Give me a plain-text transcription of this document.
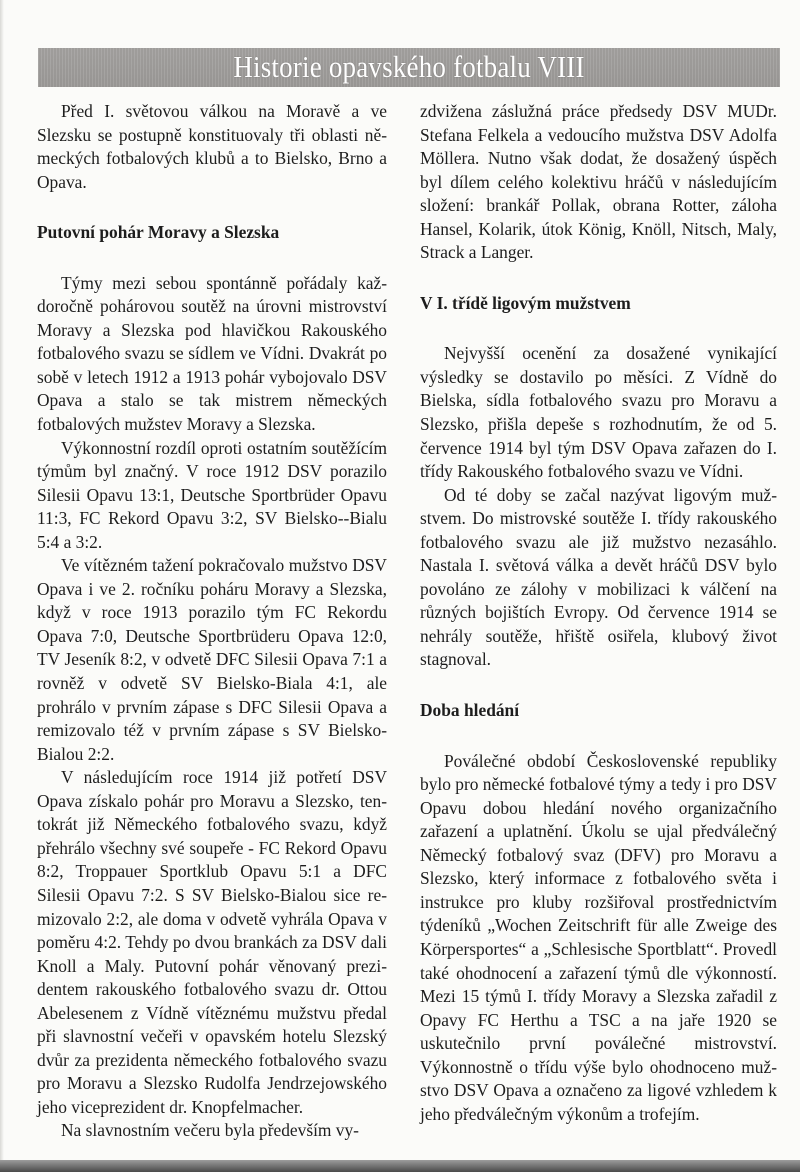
Historie opavského fotbalu VIII

Před I. světovou válkou na Moravě a ve Slezsku se postupně konstituovaly tři oblasti německých fotbalových klubů a to Bielsko, Brno a Opava.

Putovní pohár Moravy a Slezska

Týmy mezi sebou spontánně pořádaly každoročně pohárovou soutěž na úrovni mistrovství Moravy a Slezska pod hlavičkou Rakouského fotbalového svazu se sídlem ve Vídni. Dvakrát po sobě v letech 1912 a 1913 pohár vybojovalo DSV Opava a stalo se tak mistrem německých fotbalových mužstev Moravy a Slezska.

Výkonnostní rozdíl oproti ostatním soutěžícím týmům byl značný. V roce 1912 DSV porazilo Silesii Opavu 13:1, Deutsche Sportbrüder Opavu 11:3, FC Rekord Opavu 3:2, SV Bielsko-‑Bialu 5:4 a 3:2.

Ve vítězném tažení pokračovalo mužstvo DSV Opava i ve 2. ročníku poháru Moravy a Slezska, když v roce 1913 porazilo tým FC Rekordu Opava 7:0, Deutsche Sportbrüderu Opava 12:0, TV Jeseník 8:2, v odvetě DFC Silesii Opava 7:1 a rovněž v odvetě SV Bielsko-Biala 4:1, ale prohrálo v prvním zápase s DFC Silesii Opava a remizovalo též v prvním zápase s SV Bielsko-Bialou 2:2.

V následujícím roce 1914 již potřetí DSV Opava získalo pohár pro Moravu a Slezsko, tentokrát již Německého fotbalového svazu, když přehrálo všechny své soupeře - FC Rekord Opavu 8:2, Troppauer Sportklub Opavu 5:1 a DFC Silesii Opavu 7:2. S SV Bielsko-Bialou sice remizovalo 2:2, ale doma v odvetě vyhrála Opava v poměru 4:2. Tehdy po dvou brankách za DSV dali Knoll a Maly. Putovní pohár věnovaný prezidentem rakouského fotbalového svazu dr. Ottou Abelesenem z Vídně vítěznému mužstvu předal při slavnostní večeři v opavském hotelu Slezský dvůr za prezidenta německého fotbalového svazu pro Moravu a Slezsko Rudolfa Jendrzejowského jeho viceprezident dr. Knopfelmacher.

Na slavnostním večeru byla především vy-

zdvižena záslužná práce předsedy DSV MUDr. Stefana Felkela a vedoucího mužstva DSV Adolfa Möllera. Nutno však dodat, že dosažený úspěch byl dílem celého kolektivu hráčů v následujícím složení: brankář Pollak, obrana Rotter, záloha Hansel, Kolarik, útok König, Knöll, Nitsch, Maly, Strack a Langer.

V I. třídě ligovým mužstvem

Nejvyšší ocenění za dosažené vynikající výsledky se dostavilo po měsíci. Z Vídně do Bielska, sídla fotbalového svazu pro Moravu a Slezsko, přišla depeše s rozhodnutím, že od 5. července 1914 byl tým DSV Opava zařazen do I. třídy Rakouského fotbalového svazu ve Vídni.

Od té doby se začal nazývat ligovým mužstvem. Do mistrovské soutěže I. třídy rakouského fotbalového svazu ale již mužstvo nezasáhlo. Nastala I. světová válka a devět hráčů DSV bylo povoláno ze zálohy v mobilizaci k válčení na různých bojištích Evropy. Od července 1914 se nehrály soutěže, hřiště osiřela, klubový život stagnoval.

Doba hledání

Poválečné období Československé republiky bylo pro německé fotbalové týmy a tedy i pro DSV Opavu dobou hledání nového organizačního zařazení a uplatnění. Úkolu se ujal předválečný Německý fotbalový svaz (DFV) pro Moravu a Slezsko, který informace z fotbalového světa i instrukce pro kluby rozšiřoval prostřednictvím týdeníků „Wochen Zeitschrift für alle Zweige des Körpersportes“ a „Schlesische Sportblatt“. Provedl také ohodnocení a zařazení týmů dle výkonností. Mezi 15 týmů I. třídy Moravy a Slezska zařadil z Opavy FC Herthu a TSC a na jaře 1920 se uskutečnilo první poválečné mistrovství. Výkonnostně o třídu výše bylo ohodnoceno mužstvo DSV Opava a označeno za ligové vzhledem k jeho předválečným výkonům a trofejím.
